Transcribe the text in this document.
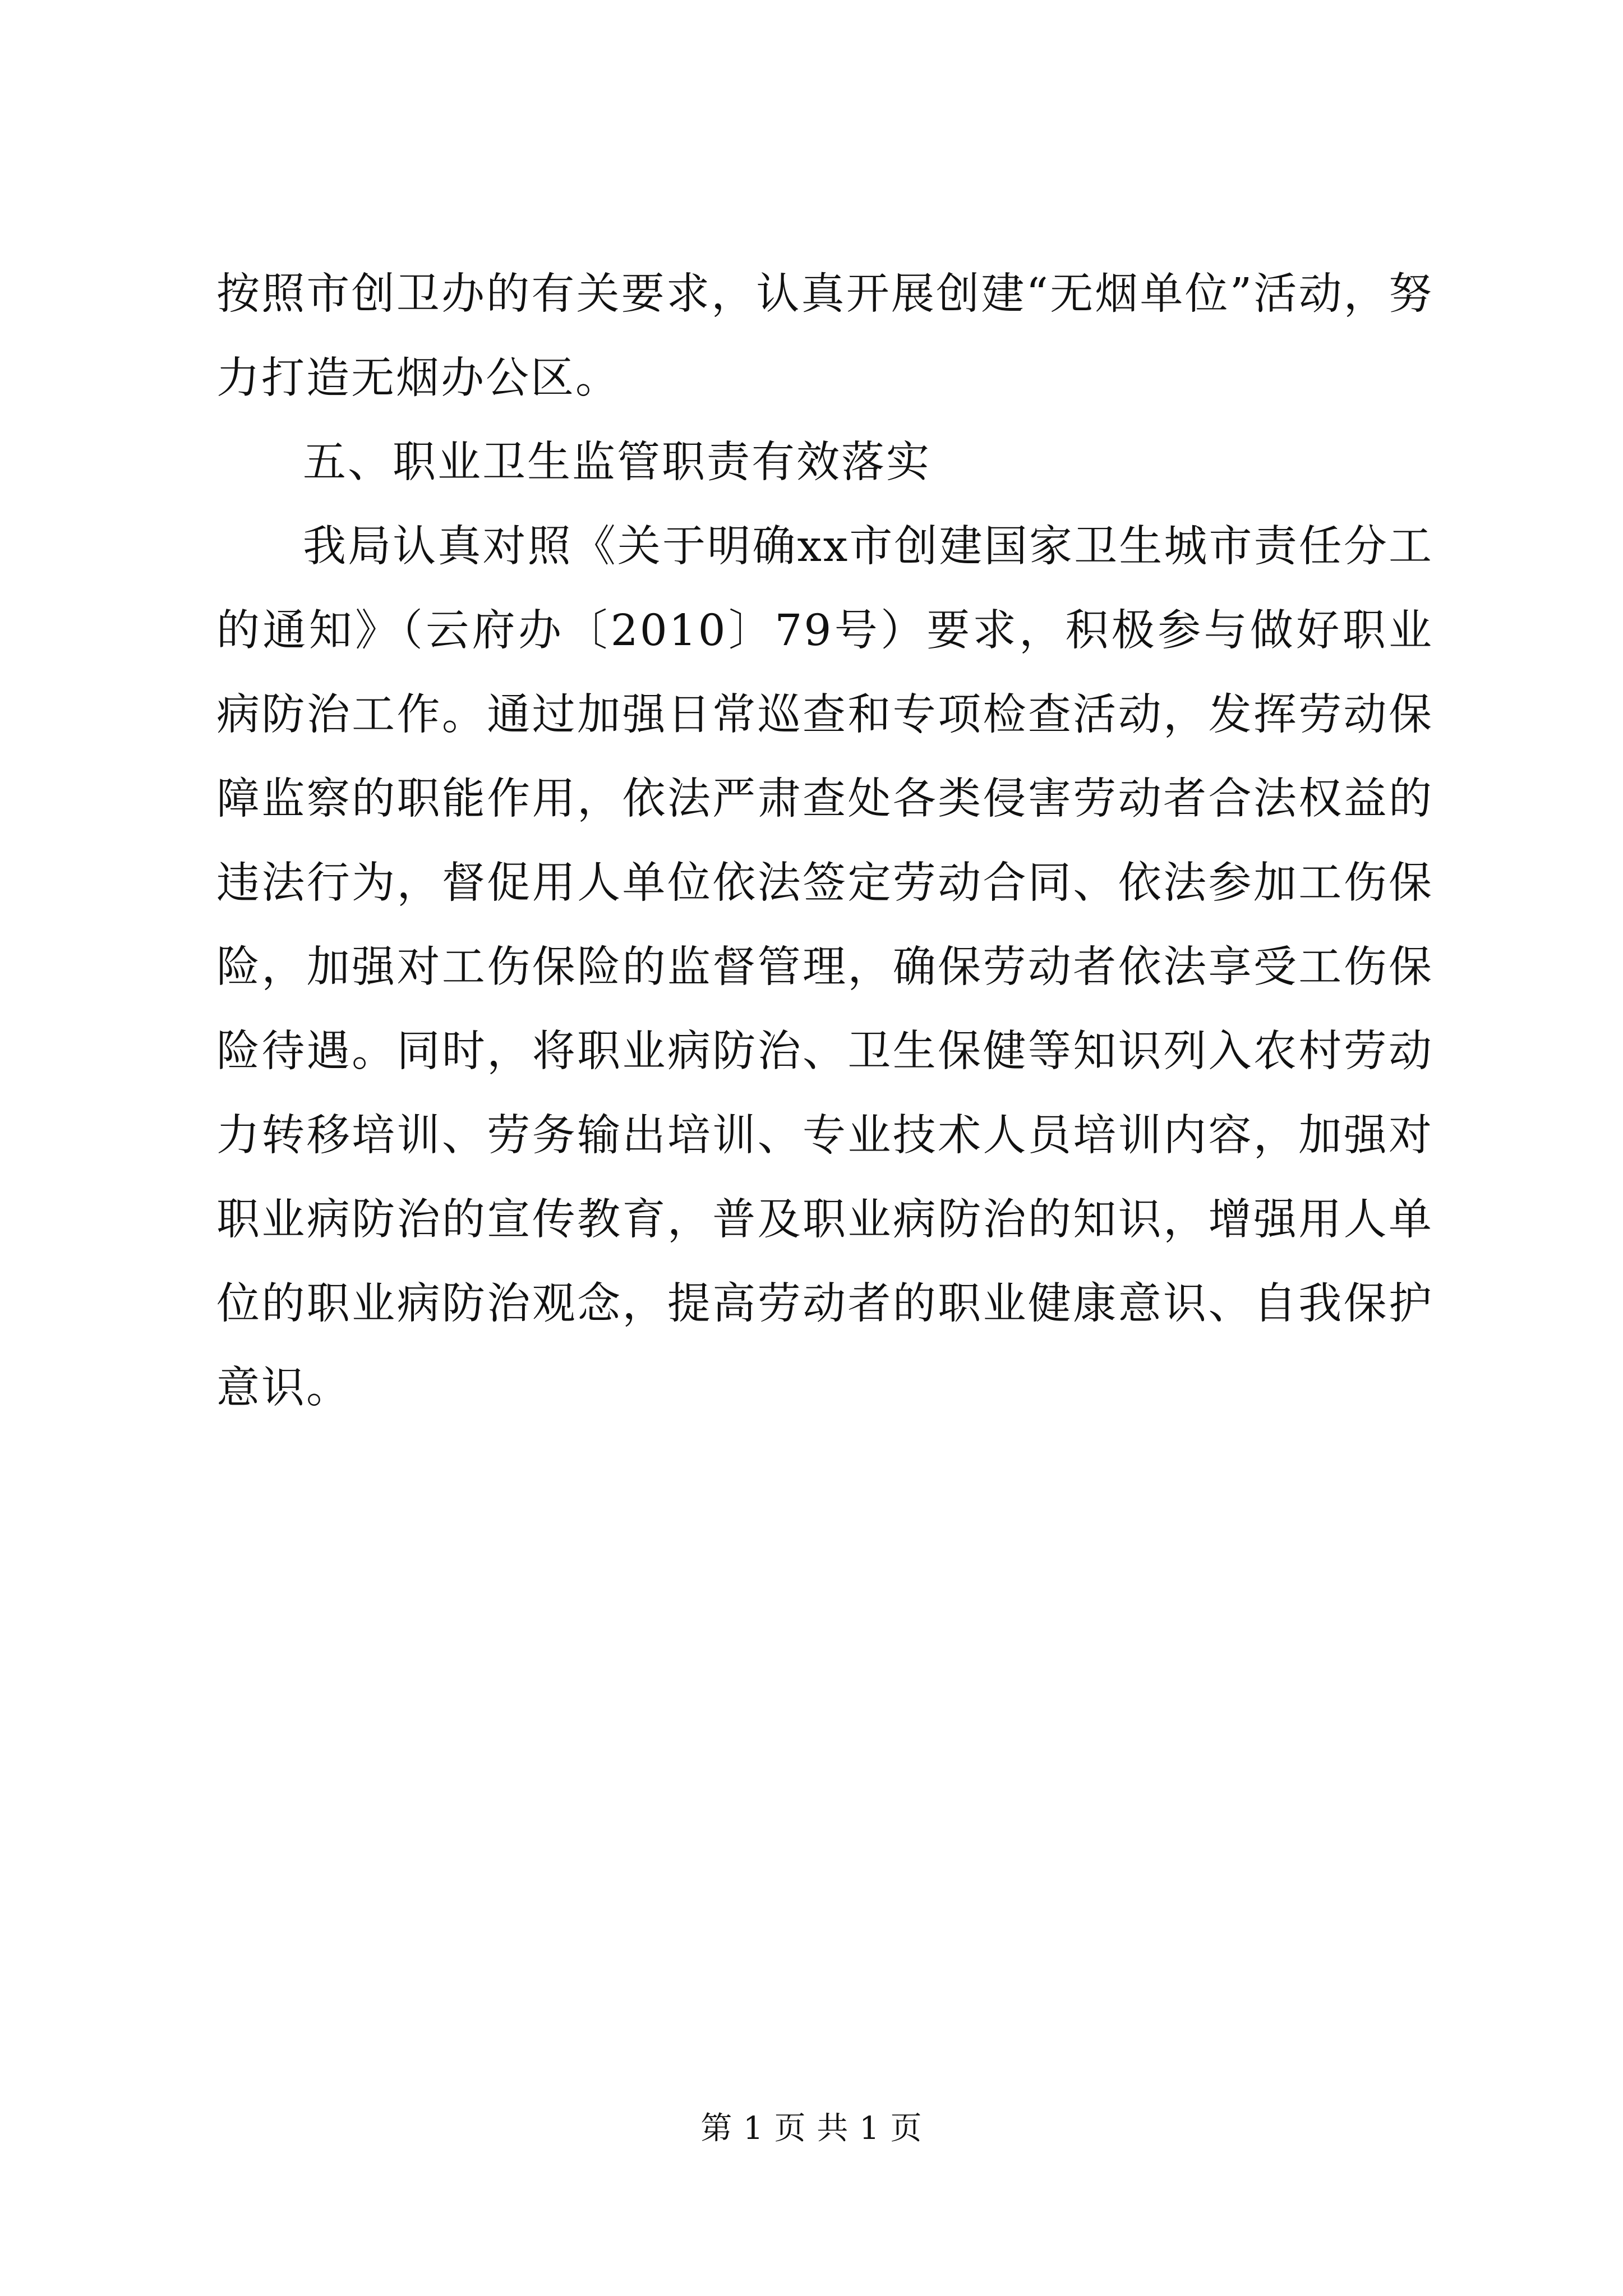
按照市创卫办的有关要求，认真开展创建“无烟单位”活动，努力打造无烟办公区。

五、职业卫生监管职责有效落实

我局认真对照《关于明确xx市创建国家卫生城市责任分工的通知》（云府办〔2010〕79号）要求，积极参与做好职业病防治工作。通过加强日常巡查和专项检查活动，发挥劳动保障监察的职能作用，依法严肃查处各类侵害劳动者合法权益的违法行为，督促用人单位依法签定劳动合同、依法参加工伤保险，加强对工伤保险的监督管理，确保劳动者依法享受工伤保险待遇。同时，将职业病防治、卫生保健等知识列入农村劳动力转移培训、劳务输出培训、专业技术人员培训内容，加强对职业病防治的宣传教育，普及职业病防治的知识，增强用人单位的职业病防治观念，提高劳动者的职业健康意识、自我保护意识。

第 1 页 共 1 页
